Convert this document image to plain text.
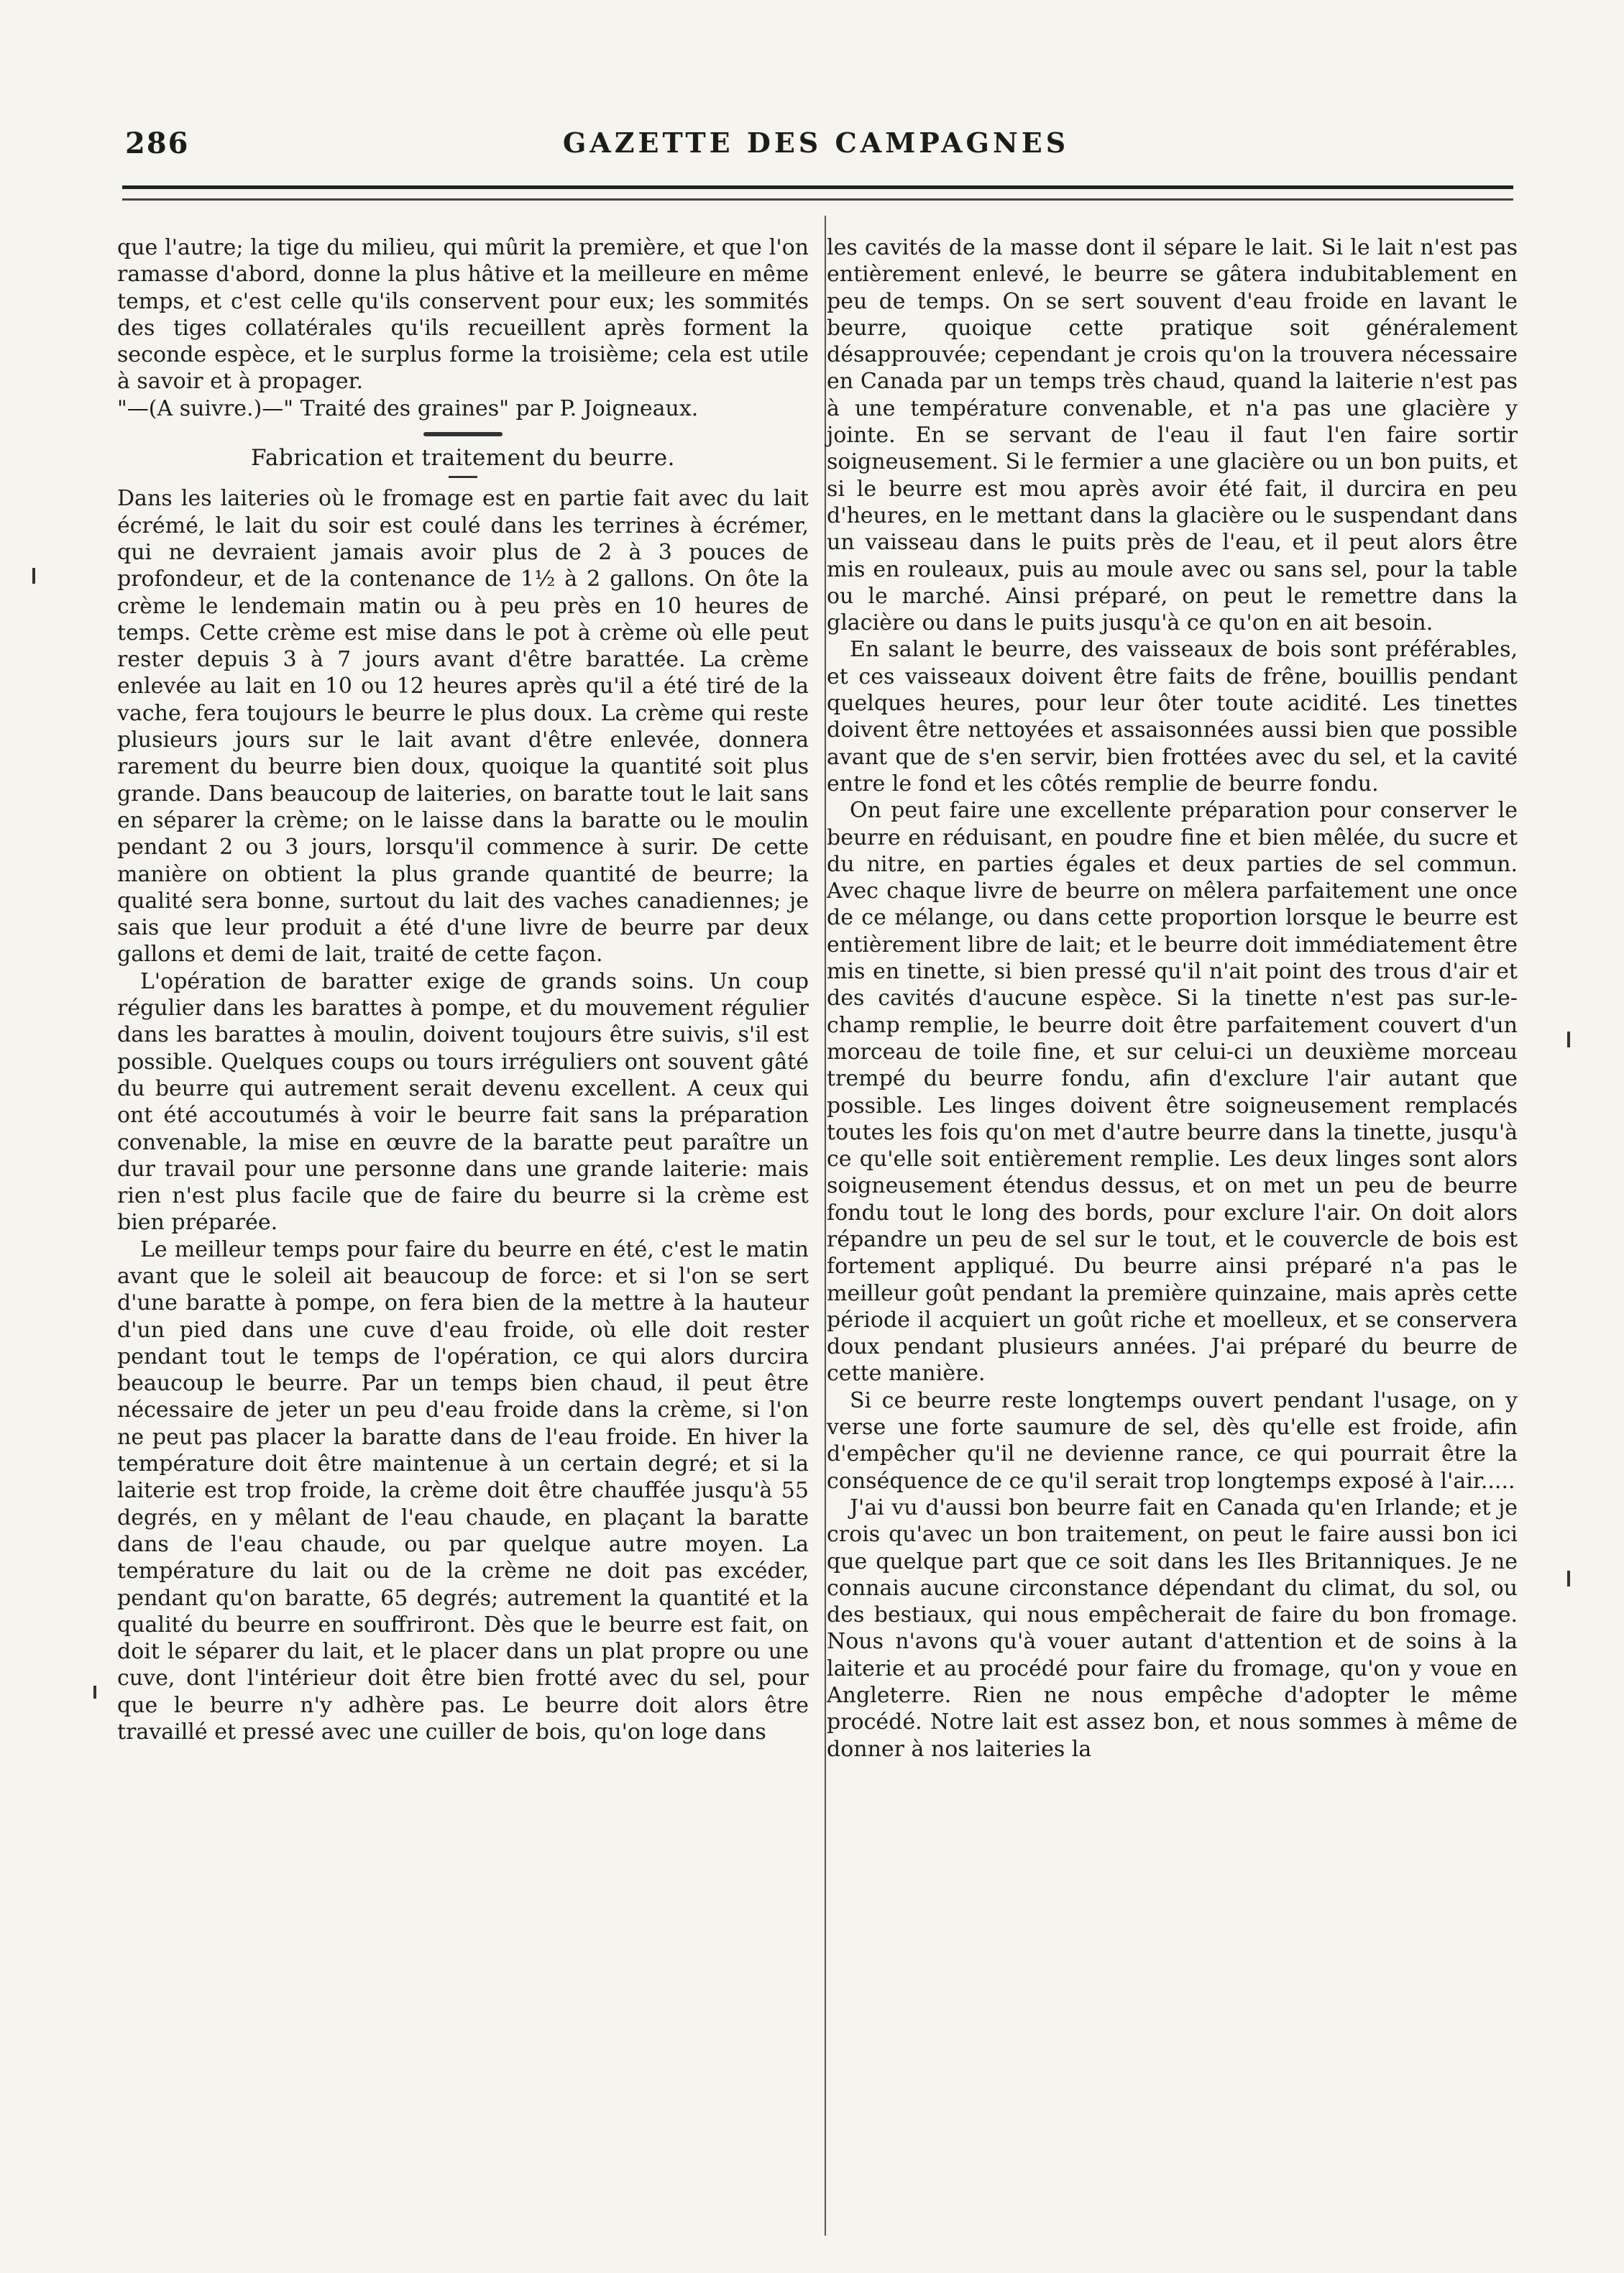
286	GAZETTE DES CAMPAGNES

que l'autre; la tige du milieu, qui mûrit la première, et que l'on ramasse d'abord, donne la plus hâtive et la meilleure en même temps, et c'est celle qu'ils conservent pour eux; les sommités des tiges collatérales qu'ils recueillent après forment la seconde espèce, et le surplus forme la troisième; cela est utile à savoir et à propager.

"—(A suivre.)—" Traité des graines" par P. Joigneaux.

Fabrication et traitement du beurre.

Dans les laiteries où le fromage est en partie fait avec du lait écrémé, le lait du soir est coulé dans les terrines à écrémer, qui ne devraient jamais avoir plus de 2 à 3 pouces de profondeur, et de la contenance de 1½ à 2 gallons. On ôte la crème le lendemain matin ou à peu près en 10 heures de temps. Cette crème est mise dans le pot à crème où elle peut rester depuis 3 à 7 jours avant d'être barattée. La crème enlevée au lait en 10 ou 12 heures après qu'il a été tiré de la vache, fera toujours le beurre le plus doux. La crème qui reste plusieurs jours sur le lait avant d'être enlevée, donnera rarement du beurre bien doux, quoique la quantité soit plus grande. Dans beaucoup de laiteries, on baratte tout le lait sans en séparer la crème; on le laisse dans la baratte ou le moulin pendant 2 ou 3 jours, lorsqu'il commence à surir. De cette manière on obtient la plus grande quantité de beurre; la qualité sera bonne, surtout du lait des vaches canadiennes; je sais que leur produit a été d'une livre de beurre par deux gallons et demi de lait, traité de cette façon.

L'opération de baratter exige de grands soins. Un coup régulier dans les barattes à pompe, et du mouvement régulier dans les barattes à moulin, doivent toujours être suivis, s'il est possible. Quelques coups ou tours irréguliers ont souvent gâté du beurre qui autrement serait devenu excellent. A ceux qui ont été accoutumés à voir le beurre fait sans la préparation convenable, la mise en œuvre de la baratte peut paraître un dur travail pour une personne dans une grande laiterie: mais rien n'est plus facile que de faire du beurre si la crème est bien préparée.

Le meilleur temps pour faire du beurre en été, c'est le matin avant que le soleil ait beaucoup de force: et si l'on se sert d'une baratte à pompe, on fera bien de la mettre à la hauteur d'un pied dans une cuve d'eau froide, où elle doit rester pendant tout le temps de l'opération, ce qui alors durcira beaucoup le beurre. Par un temps bien chaud, il peut être nécessaire de jeter un peu d'eau froide dans la crème, si l'on ne peut pas placer la baratte dans de l'eau froide. En hiver la température doit être maintenue à un certain degré; et si la laiterie est trop froide, la crème doit être chauffée jusqu'à 55 degrés, en y mêlant de l'eau chaude, en plaçant la baratte dans de l'eau chaude, ou par quelque autre moyen. La température du lait ou de la crème ne doit pas excéder, pendant qu'on baratte, 65 degrés; autrement la quantité et la qualité du beurre en souffriront. Dès que le beurre est fait, on doit le séparer du lait, et le placer dans un plat propre ou une cuve, dont l'intérieur doit être bien frotté avec du sel, pour que le beurre n'y adhère pas. Le beurre doit alors être travaillé et pressé avec une cuiller de bois, qu'on loge dans

les cavités de la masse dont il sépare le lait. Si le lait n'est pas entièrement enlevé, le beurre se gâtera indubitablement en peu de temps. On se sert souvent d'eau froide en lavant le beurre, quoique cette pratique soit généralement désapprouvée; cependant je crois qu'on la trouvera nécessaire en Canada par un temps très chaud, quand la laiterie n'est pas à une température convenable, et n'a pas une glacière y jointe. En se servant de l'eau il faut l'en faire sortir soigneusement. Si le fermier a une glacière ou un bon puits, et si le beurre est mou après avoir été fait, il durcira en peu d'heures, en le mettant dans la glacière ou le suspendant dans un vaisseau dans le puits près de l'eau, et il peut alors être mis en rouleaux, puis au moule avec ou sans sel, pour la table ou le marché. Ainsi préparé, on peut le remettre dans la glacière ou dans le puits jusqu'à ce qu'on en ait besoin.

En salant le beurre, des vaisseaux de bois sont préférables, et ces vaisseaux doivent être faits de frêne, bouillis pendant quelques heures, pour leur ôter toute acidité. Les tinettes doivent être nettoyées et assaisonnées aussi bien que possible avant que de s'en servir, bien frottées avec du sel, et la cavité entre le fond et les côtés remplie de beurre fondu.

On peut faire une excellente préparation pour conserver le beurre en réduisant, en poudre fine et bien mêlée, du sucre et du nitre, en parties égales et deux parties de sel commun. Avec chaque livre de beurre on mêlera parfaitement une once de ce mélange, ou dans cette proportion lorsque le beurre est entièrement libre de lait; et le beurre doit immédiatement être mis en tinette, si bien pressé qu'il n'ait point des trous d'air et des cavités d'aucune espèce. Si la tinette n'est pas sur-le-champ remplie, le beurre doit être parfaitement couvert d'un morceau de toile fine, et sur celui-ci un deuxième morceau trempé du beurre fondu, afin d'exclure l'air autant que possible. Les linges doivent être soigneusement remplacés toutes les fois qu'on met d'autre beurre dans la tinette, jusqu'à ce qu'elle soit entièrement remplie. Les deux linges sont alors soigneusement étendus dessus, et on met un peu de beurre fondu tout le long des bords, pour exclure l'air. On doit alors répandre un peu de sel sur le tout, et le couvercle de bois est fortement appliqué. Du beurre ainsi préparé n'a pas le meilleur goût pendant la première quinzaine, mais après cette période il acquiert un goût riche et moelleux, et se conservera doux pendant plusieurs années. J'ai préparé du beurre de cette manière.

Si ce beurre reste longtemps ouvert pendant l'usage, on y verse une forte saumure de sel, dès qu'elle est froide, afin d'empêcher qu'il ne devienne rance, ce qui pourrait être la conséquence de ce qu'il serait trop longtemps exposé à l'air.....

J'ai vu d'aussi bon beurre fait en Canada qu'en Irlande; et je crois qu'avec un bon traitement, on peut le faire aussi bon ici que quelque part que ce soit dans les Iles Britanniques. Je ne connais aucune circonstance dépendant du climat, du sol, ou des bestiaux, qui nous empêcherait de faire du bon fromage. Nous n'avons qu'à vouer autant d'attention et de soins à la laiterie et au procédé pour faire du fromage, qu'on y voue en Angleterre. Rien ne nous empêche d'adopter le même procédé. Notre lait est assez bon, et nous sommes à même de donner à nos laiteries la
